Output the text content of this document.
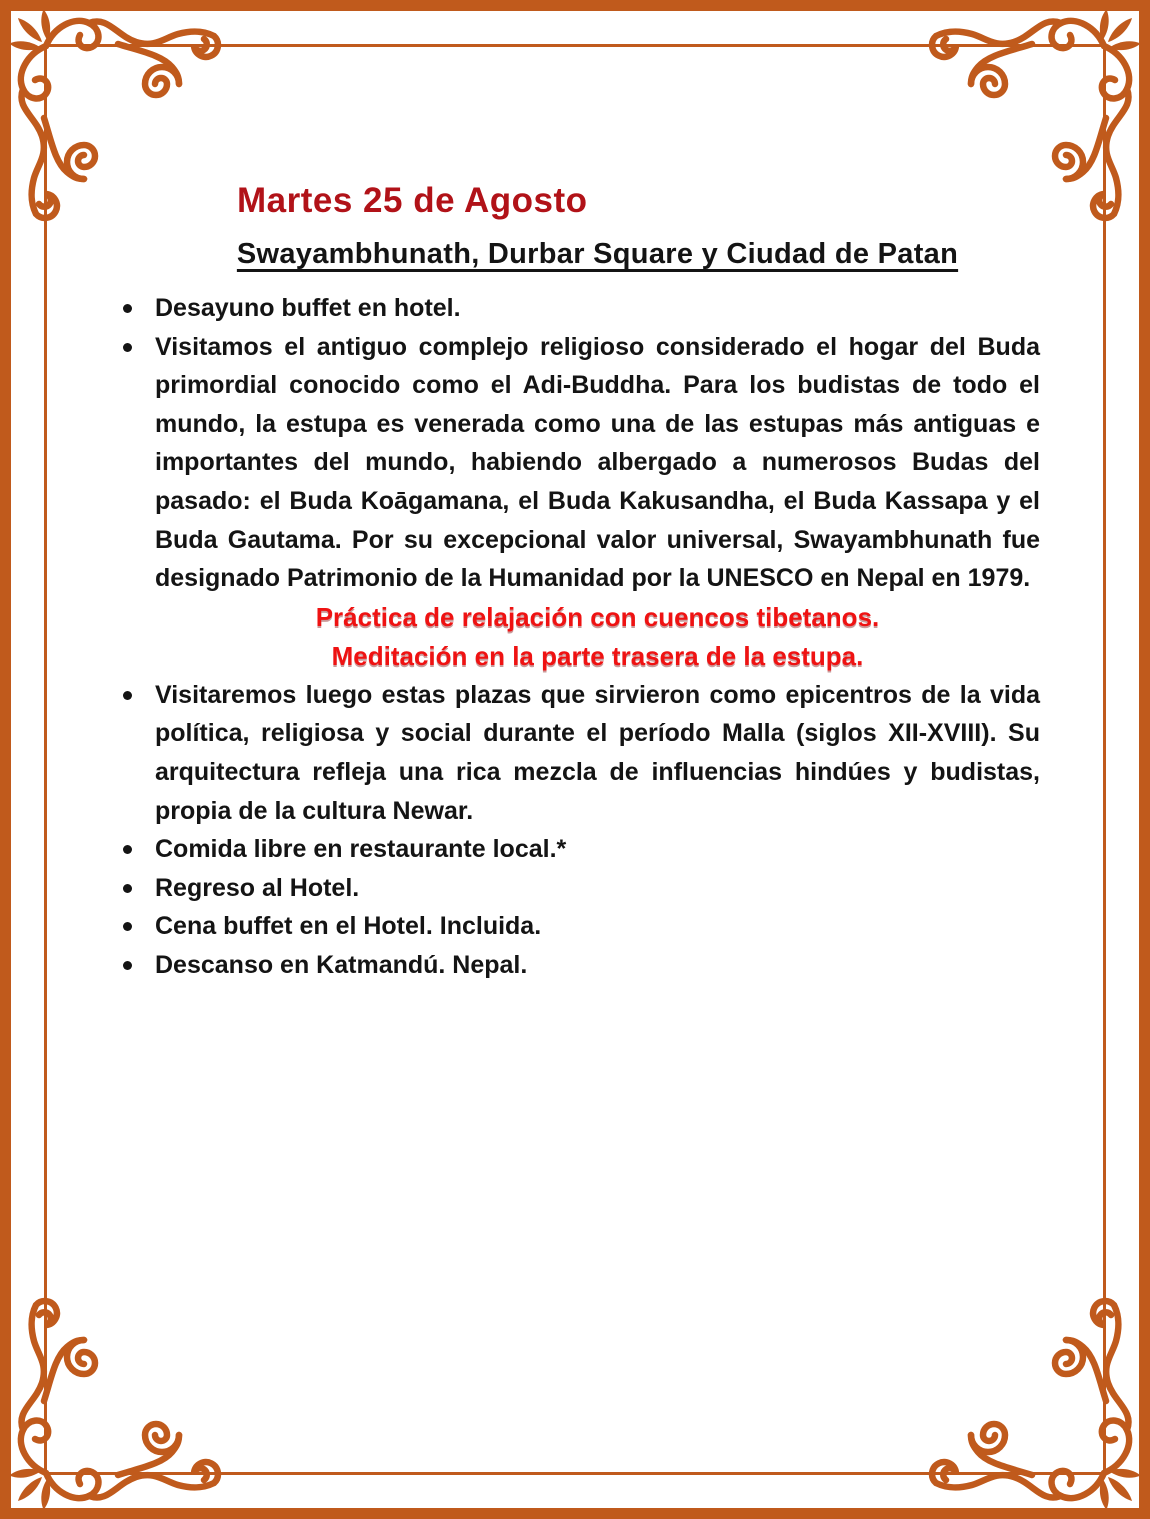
Martes 25 de Agosto
Swayambhunath, Durbar Square y Ciudad de Patan
Desayuno buffet en hotel.
Visitamos el antiguo complejo religioso considerado el hogar del Buda primordial conocido como el Adi-Buddha. Para los budistas de todo el mundo, la estupa es venerada como una de las estupas más antiguas e importantes del mundo, habiendo albergado a numerosos Budas del pasado: el Buda Koāgamana, el Buda Kakusandha, el Buda Kassapa y el Buda Gautama. Por su excepcional valor universal, Swayambhunath fue designado Patrimonio de la Humanidad por la UNESCO en Nepal en 1979.
Práctica de relajación con cuencos tibetanos.
Meditación en la parte trasera de la estupa.
Visitaremos luego estas plazas que sirvieron como epicentros de la vida política, religiosa y social durante el período Malla (siglos XII-XVIII). Su arquitectura refleja una rica mezcla de influencias hindúes y budistas, propia de la cultura Newar.
Comida libre en restaurante local.*
Regreso al Hotel.
Cena buffet en el Hotel. Incluida.
Descanso en Katmandú. Nepal.
